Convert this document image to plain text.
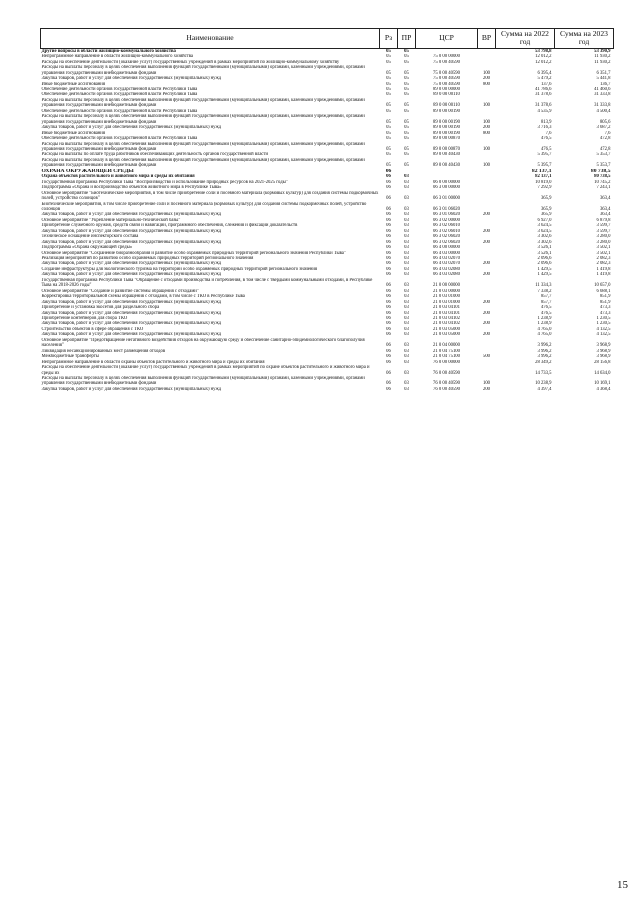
Наименование	Рз	ПР	ЦСР	ВР	Сумма на 2022 год	Сумма на 2023 год
Другие вопросы в области жилищно-коммунального хозяйства	05	05			53 798,8	53 390,9
Непрограммное направление в области жилищно-коммунального хозяйства	05	05	75 0 00 00000		12 012,2	11 930,2
Расходы на обеспечение деятельности (оказание услуг) государственных учреждений в рамках мероприятий по жилищно-коммунальному хозяйству	05	05	75 0 00 40590		12 012,2	11 930,2
Расходы на выплаты персоналу в целях обеспечения выполнения функций государственными (муниципальными) органами, казенными учреждениями, органами управления государственными внебюджетными фондами	05	05	75 0 00 40590	100	6 395,4	6 351,7
Закупка товаров, работ и услуг для обеспечения государственных (муниципальных) нужд	05	05	75 0 00 40590	200	5 479,2	5 441,8
Иные бюджетные ассигнования	05	05	75 0 00 40590	800	137,6	136,7
Обеспечение деятельности органов государственной власти Республики Тыва	05	05	89 0 00 00000		41 786,6	41 460,6
Обеспечение деятельности органов государственной власти Республики Тыва	05	05	89 0 00 00110		31 378,6	31 333,8
Расходы на выплаты персоналу в целях обеспечения выполнения функций государственными (муниципальными) органами, казенными учреждениями, органами управления государственными внебюджетными фондами	05	05	89 0 00 00110	100	31 378,6	31 333,8
Обеспечение деятельности органов государственной власти Республики Тыва	05	05	89 0 00 00190		4 535,9	4 500,4
Расходы на выплаты персоналу в целях обеспечения выполнения функций государственными (муниципальными) органами, казенными учреждениями, органами управления государственными внебюджетными фондами	05	05	89 0 00 00190	100	813,9	805,6
Закупка товаров, работ и услуг для обеспечения государственных (муниципальных) нужд	05	05	89 0 00 00190	200	3 716,3	3 687,2
Иные бюджетные ассигнования	05	05	89 0 00 00190	800	7,6	7,6
Обеспечение деятельности органов государственной власти Республики Тыва	05	05	89 0 00 00870		476,5	472,8
Расходы на выплаты персоналу в целях обеспечения выполнения функций государственными (муниципальными) органами, казенными учреждениями, органами управления государственными внебюджетными фондами	05	05	89 0 00 00870	100	476,5	472,8
Расходы на выплаты по оплате труда работников обеспечивающих деятельность органов государственной власти	05	05	89 0 00 40430		5 395,7	5 353,7
Расходы на выплаты персоналу в целях обеспечения выполнения функций государственными (муниципальными) органами, казенными учреждениями, органами управления государственными внебюджетными фондами	05	05	89 0 00 40430	100	5 395,7	5 353,7
ОХРАНА ОКРУЖАЮЩЕЙ СРЕДЫ	06				82 137,1	80 738,5
Охрана объектов растительного и животного мира и среды их обитания	06	03			82 137,1	80 738,5
Государственная программа Республики Тыва "Воспроизводство и использование природных ресурсов на 2021-2025 годы"	06	03	06 0 00 00000		10 819,0	10 745,2
Подпрограмма «Охрана и воспроизводство объектов животного мира в Республике Тыва»	06	03	06 3 00 00000		7 292,9	7 243,1
Основное мероприятие "Биотехнические мероприятия, в том числе приобретение соли и посевного материала (кормовых культур) для создания системы подкормочных полей, устройство солонцов"	06	03	06 3 01 00000		365,9	363,4
Биотехнические мероприятия, в том числе приобретение соли и посевного материала (кормовых культур) для создания системы подкормочных полей, устройство солонцов	06	03	06 3 01 06020		365,9	363,4
Закупка товаров, работ и услуг для обеспечения государственных (муниципальных) нужд	06	03	06 3 01 06020	200	365,9	363,4
Основное мероприятие "Укрепление материально-технической базы"	06	03	06 3 02 00000		6 927,0	6 879,8
Приобретение служебного оружия, средств связи и навигации, программного обеспечения, слежения и фиксации доказательств	06	03	06 3 02 06010		3 624,5	3 599,7
Закупка товаров, работ и услуг для обеспечения государственных (муниципальных) нужд	06	03	06 3 02 06010	200	3 624,5	3 599,7
Техническое оснащение инспекторского состава	06	03	06 3 02 06020		3 302,6	3 280,0
Закупка товаров, работ и услуг для обеспечения государственных (муниципальных) нужд	06	03	06 3 02 06020	200	3 302,6	3 280,0
Подпрограмма «Охрана окружающей среды»	06	03	06 4 00 00000		3 526,1	3 502,1
Основное мероприятие "Сохранение биоразнообразия и развитие особо охраняемых природных территорий регионального значения Республики Тыва"	06	03	06 4 03 00000		3 526,1	3 502,1
Реализация мероприятий по развитию особо охраняемых природных территорий регионального значения	06	03	06 4 03 02070		2 096,6	2 082,3
Закупка товаров, работ и услуг для обеспечения государственных (муниципальных) нужд	06	03	06 4 03 02070	200	2 096,6	2 082,3
Создание инфраструктуры для экологического туризма на территории особо охраняемых природных территорий регионального значения	06	03	06 4 03 02080		1 429,5	1 419,8
Закупка товаров, работ и услуг для обеспечения государственных (муниципальных) нужд	06	03	06 4 03 02080	200	1 429,5	1 419,8
Государственная программа Республики Тыва "Обращение с отходами производства и потребления, в том числе с твердыми коммунальными отходами, в Республике Тыва на 2018-2026 годы"	06	03	21 0 00 00000		11 334,3	10 657,0
Основное мероприятие "Создание и развитие системы обращения с отходами"	06	03	21 0 03 00000		7 338,2	6 688,1
Корректировка территориальной схемы обращения с отходами, в том числе с ТКО в Республике Тыва	06	03	21 0 03 01000		857,7	851,9
Закупка товаров, работ и услуг для обеспечения государственных (муниципальных) нужд	06	03	21 0 03 01000	200	857,7	851,9
Приобретение и установка экосетов для раздельного сбора	06	03	21 0 03 04101		476,5	473,3
Закупка товаров, работ и услуг для обеспечения государственных (муниципальных) нужд	06	03	21 0 03 04101	200	476,5	473,3
Приобретение контейнеров для сбора ТКО	06	03	21 0 03 04102		1 238,9	1 230,5
Закупка товаров, работ и услуг для обеспечения государственных (муниципальных) нужд	06	03	21 0 03 04102	200	1 238,9	1 230,5
Строительство объектов в сфере обращения с ТКО	06	03	21 0 03 05000		4 765,0	4 132,5
Закупка товаров, работ и услуг для обеспечения государственных (муниципальных) нужд	06	03	21 0 03 05000	200	4 765,0	4 132,5
Основное мероприятие "Предотвращение негативного воздействия отходов на окружающую среду и обеспечение санитарно-эпидемиологического благополучия населения"	06	03	21 0 04 00000		3 996,2	3 968,9
Ликвидация несанкционированных мест размещения отходов	06	03	21 0 04 75100		3 996,2	3 968,9
Межбюджетные трансферты	06	03	21 0 04 75100	500	3 996,2	3 968,9
Непрограммное направление в области охраны объектов растительного и животного мира и среды их обитания	06	03	76 0 00 00000		28 349,2	28 156,8
Расходы на обеспечение деятельности (оказание услуг) государственных учреждений в рамках мероприятий по охране объектов растительного и животного мира и среды их	06	03	76 0 00 40590		14 733,5	14 634,0
Расходы на выплаты персоналу в целях обеспечения выполнения функций государственными (муниципальными) органами, казенными учреждениями, органами управления государственными внебюджетными фондами	06	03	76 0 00 40590	100	10 238,9	10 169,1
Закупка товаров, работ и услуг для обеспечения государственных (муниципальных) нужд	06	03	76 0 00 40590	200	4 397,4	4 368,4
15
